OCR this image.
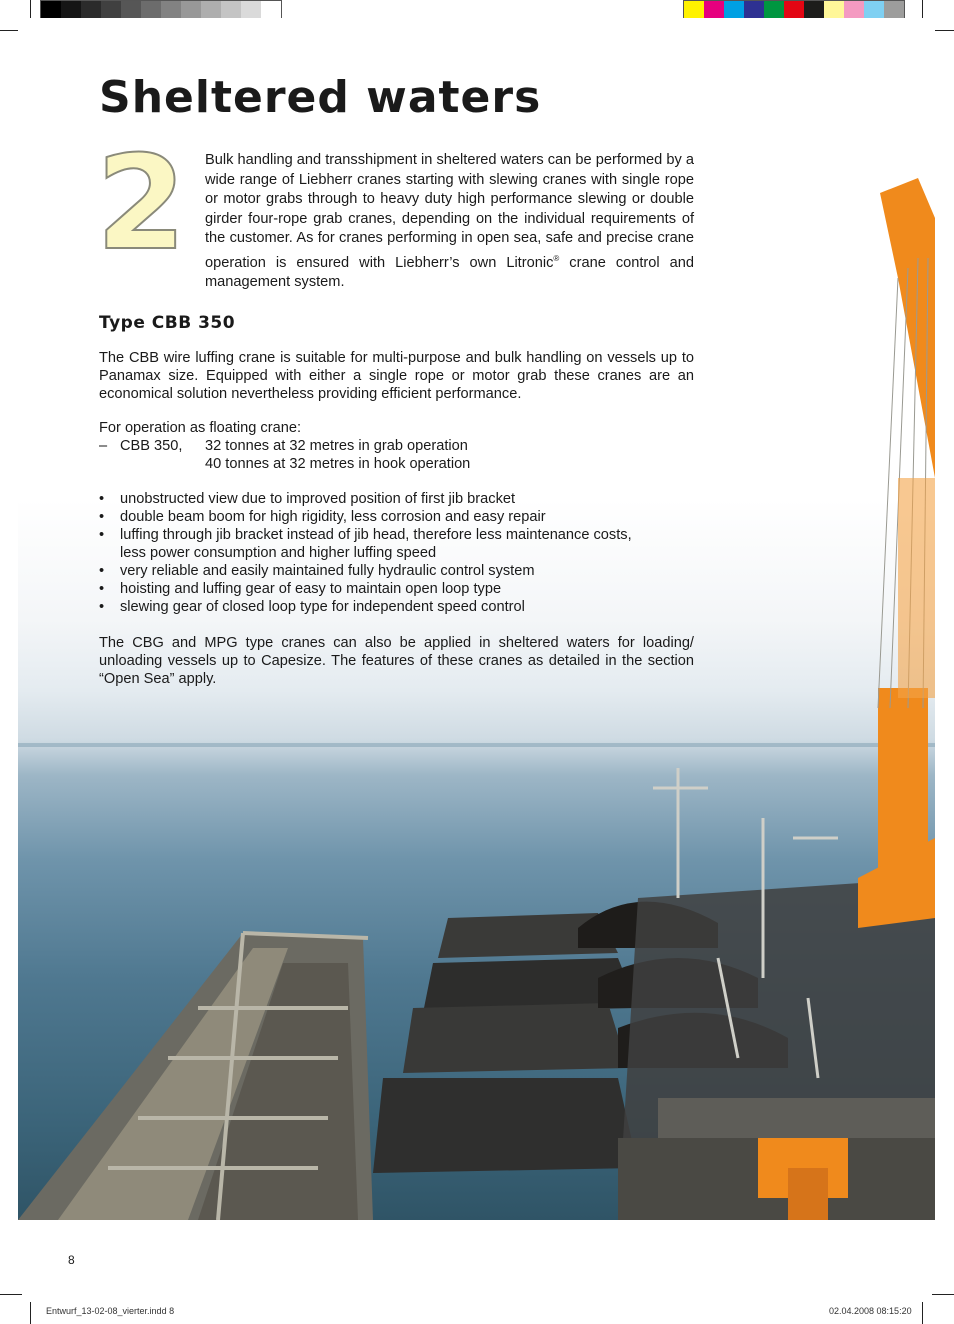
Sheltered waters
2 Bulk handling and transshipment in sheltered waters can be performed by a wide range of Liebherr cranes starting with slewing cranes with single rope or motor grabs through to heavy duty high performance slewing or double girder four-rope grab cranes, depending on the individual requirements of the customer. As for cranes performing in open sea, safe and precise crane operation is ensured with Liebherr’s own Litronic® crane control and management system.

Type CBB 350

The CBB wire luffing crane is suitable for multi-purpose and bulk handling on vessels up to Panamax size. Equipped with either a single rope or motor grab these cranes are an economical solution nevertheless providing efficient performance.

For operation as floating crane:

– CBB 350,	32 tonnes at 32 metres in grab operation
40 tonnes at 32 metres in hook operation
•	unobstructed view due to improved position of first jib bracket
•	double beam boom for high rigidity, less corrosion and easy repair
•	luffing through jib bracket instead of jib head, therefore less maintenance costs,
less power consumption and higher luffing speed
•	very reliable and easily maintained fully hydraulic control system
•	hoisting and luffing gear of easy to maintain open loop type
•	slewing gear of closed loop type for independent speed control

The CBG and MPG type cranes can also be applied in sheltered waters for loading/ unloading vessels up to Capesize. The features of these cranes as detailed in the section “Open Sea” apply.

8
Entwurf_13-02-08_vierter.indd 8	02.04.2008 08:15:20
